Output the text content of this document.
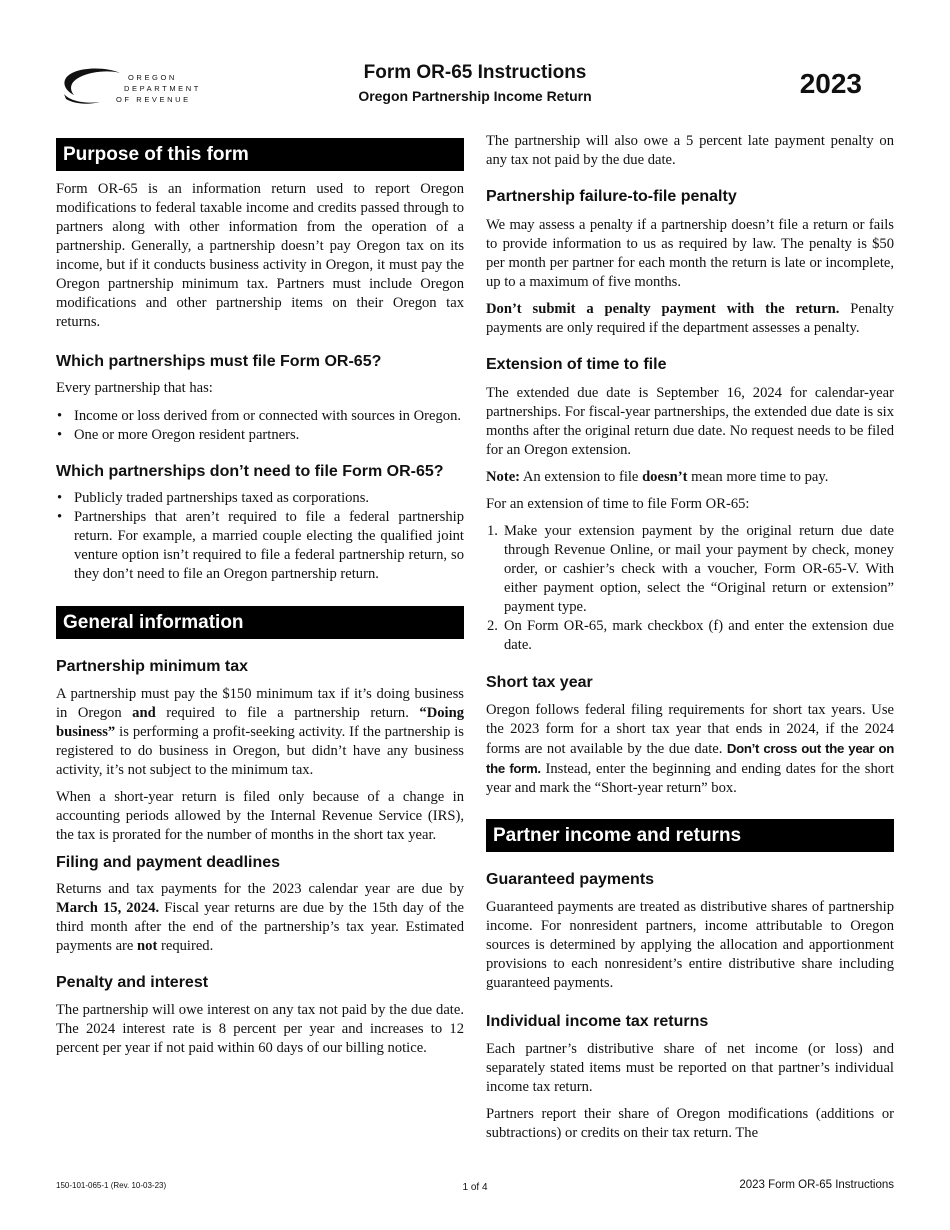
OREGON
DEPARTMENT
OF REVENUE
Form OR-65 Instructions
Oregon Partnership Income Return	2023
Purpose of this form

Form OR-65 is an information return used to report Oregon modifications to federal taxable income and credits passed through to partners along with other information from the operation of a partnership. Generally, a partnership doesn’t pay Oregon tax on its income, but if it conducts business activity in Oregon, it must pay the Oregon partnership minimum tax. Partners must include Oregon modifications and other partnership items on their Oregon tax returns.

Which partnerships must file Form OR-65?

Every partnership that has:

• Income or loss derived from or connected with sources in Oregon.
• One or more Oregon resident partners.
Which partnerships don’t need to file Form OR-65?
• Publicly traded partnerships taxed as corporations.
• Partnerships that aren’t required to file a federal partnership return. For example, a married couple electing the qualified joint venture option isn’t required to file a federal partnership return, so they don’t need to file an Oregon partnership return.
General information
Partnership minimum tax

A partnership must pay the $150 minimum tax if it’s doing business in Oregon and required to file a partnership return. “Doing business” is performing a profit-seeking activity. If the partnership is registered to do business in Oregon, but didn’t have any business activity, it’s not subject to the minimum tax.

When a short-year return is filed only because of a change in accounting periods allowed by the Internal Revenue Service (IRS), the tax is prorated for the number of months in the short tax year.

Filing and payment deadlines

Returns and tax payments for the 2023 calendar year are due by March 15, 2024. Fiscal year returns are due by the 15th day of the third month after the end of the partnership’s tax year. Estimated payments are not required.

Penalty and interest

The partnership will owe interest on any tax not paid by the due date. The 2024 interest rate is 8 percent per year and increases to 12 percent per year if not paid within 60 days of our billing notice.

The partnership will also owe a 5 percent late payment penalty on any tax not paid by the due date.

Partnership failure-to-file penalty

We may assess a penalty if a partnership doesn’t file a return or fails to provide information to us as required by law. The penalty is $50 per month per partner for each month the return is late or incomplete, up to a maximum of five months.

Don’t submit a penalty payment with the return. Penalty payments are only required if the department assesses a penalty.

Extension of time to file

The extended due date is September 16, 2024 for calendar-year partnerships. For fiscal-year partnerships, the extended due date is six months after the original return due date. No request needs to be filed for an Oregon extension.

Note: An extension to file doesn’t mean more time to pay.

For an extension of time to file Form OR-65:

1. Make your extension payment by the original return due date through Revenue Online, or mail your payment by check, money order, or cashier’s check with a voucher, Form OR-65-V. With either payment option, select the “Original return or extension” payment type.
2. On Form OR-65, mark checkbox (f) and enter the extension due date.
Short tax year

Oregon follows federal filing requirements for short tax years. Use the 2023 form for a short tax year that ends in 2024, if the 2024 forms are not available by the due date. Don’t cross out the year on the form. Instead, enter the beginning and ending dates for the short year and mark the “Short-year return” box.

Partner income and returns
Guaranteed payments

Guaranteed payments are treated as distributive shares of partnership income. For nonresident partners, income attributable to Oregon sources is determined by applying the allocation and apportionment provisions to each nonresident’s entire distributive share including guaranteed payments.

Individual income tax returns

Each partner’s distributive share of net income (or loss) and separately stated items must be reported on that partner’s individual income tax return.

Partners report their share of Oregon modifications (additions or subtractions) or credits on their tax return. The

150-101-065-1 (Rev. 10-03-23)	1 of 4	2023 Form OR-65 Instructions
